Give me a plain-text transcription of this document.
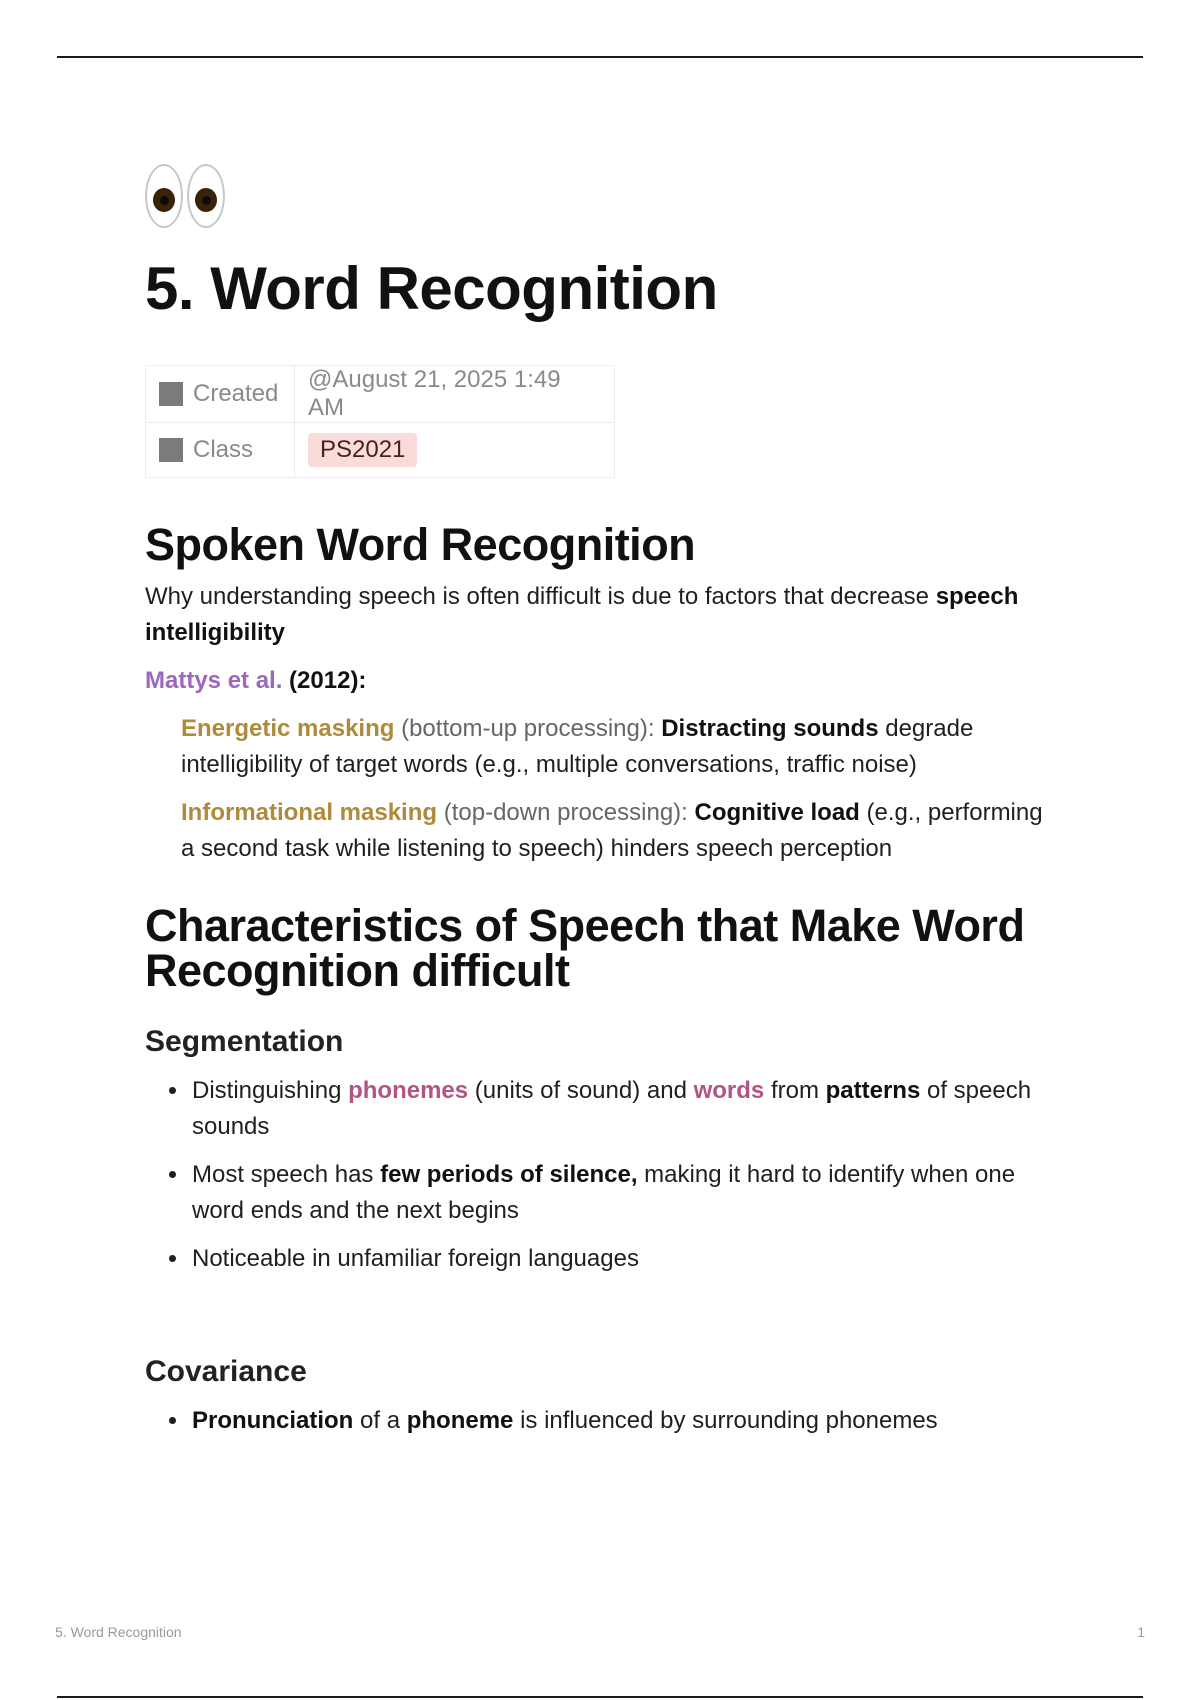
5. Word Recognition
Created	@August 21, 2025 1:49 AM
Class	PS2021
Spoken Word Recognition

Why understanding speech is often difficult is due to factors that decrease speech intelligibility

Mattys et al. (2012):

Energetic masking (bottom-up processing): Distracting sounds degrade intelligibility of target words (e.g., multiple conversations, traffic noise)

Informational masking (top-down processing): Cognitive load (e.g., performing a second task while listening to speech) hinders speech perception

Characteristics of Speech that Make Word Recognition difficult
Segmentation
• Distinguishing phonemes (units of sound) and words from patterns of speech sounds
• Most speech has few periods of silence, making it hard to identify when one word ends and the next begins
• Noticeable in unfamiliar foreign languages
Covariance
• Pronunciation of a phoneme is influenced by surrounding phonemes
5. Word Recognition	1
